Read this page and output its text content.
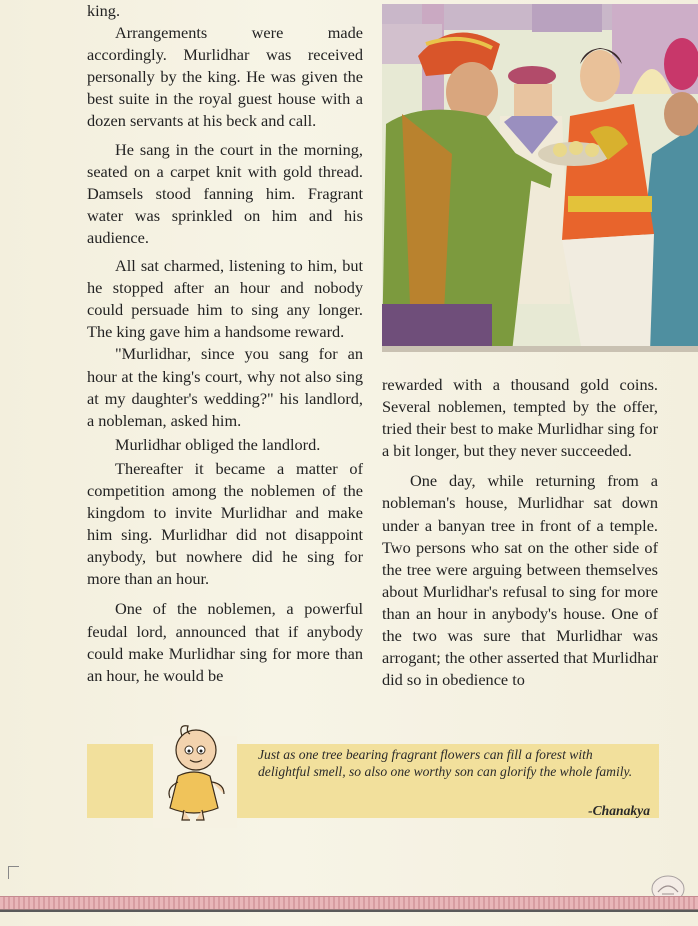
king.

Arrangements were made accordingly. Murlidhar was received personally by the king. He was given the best suite in the royal guest house with a dozen servants at his beck and call.

He sang in the court in the morning, seated on a carpet knit with gold thread. Damsels stood fanning him. Fragrant water was sprinkled on him and his audience.

All sat charmed, listening to him, but he stopped after an hour and nobody could persuade him to sing any longer. The king gave him a handsome reward.

"Murlidhar, since you sang for an hour at the king's court, why not also sing at my daughter's wedding?" his landlord, a nobleman, asked him.

Murlidhar obliged the landlord.

Thereafter it became a matter of competition among the noblemen of the kingdom to invite Murlidhar and make him sing. Murlidhar did not disappoint anybody, but nowhere did he sing for more than an hour.

One of the noblemen, a powerful feudal lord, announced that if anybody could make Murlidhar sing for more than an hour, he would be

rewarded with a thousand gold coins. Several noblemen, tempted by the offer, tried their best to make Murlidhar sing for a bit longer, but they never succeeded.

One day, while returning from a nobleman's house, Murlidhar sat down under a banyan tree in front of a temple. Two persons who sat on the other side of the tree were arguing between themselves about Murlidhar's refusal to sing for more than an hour in anybody's house. One of the two was sure that Murlidhar was arrogant; the other asserted that Murlidhar did so in obedience to

Just as one tree bearing fragrant flowers can fill a forest with delightful smell, so also one worthy son can glorify the whole family.
-Chanakya
